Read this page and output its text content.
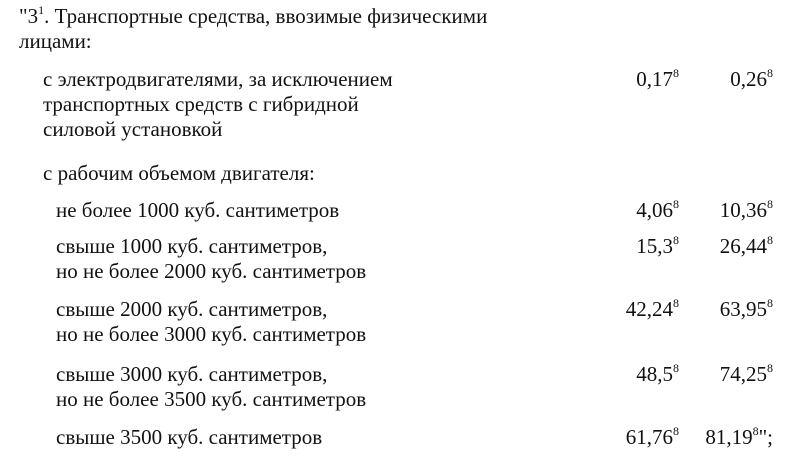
"$3^1$. Транспортные средства, ввозимые физическими
лицами:
с электродвигателями, за исключением
транспортных средств с гибридной
силовой установкой
0,17$^8$ 0,26$^8$
с рабочим объемом двигателя:
не более 1000 куб. сантиметров	4,06$^8$ 10,36$^8$
свыше 1000 куб. сантиметров,
но не более 2000 куб. сантиметров
15,3$^8$ 26,44$^8$
свыше 2000 куб. сантиметров,
но не более 3000 куб. сантиметров
42,24$^8$ 63,95$^8$
свыше 3000 куб. сантиметров,
но не более 3500 куб. сантиметров
48,5$^8$ 74,25$^8$
свыше 3500 куб. сантиметров	61,76$^8$ 81,19$^8$";
